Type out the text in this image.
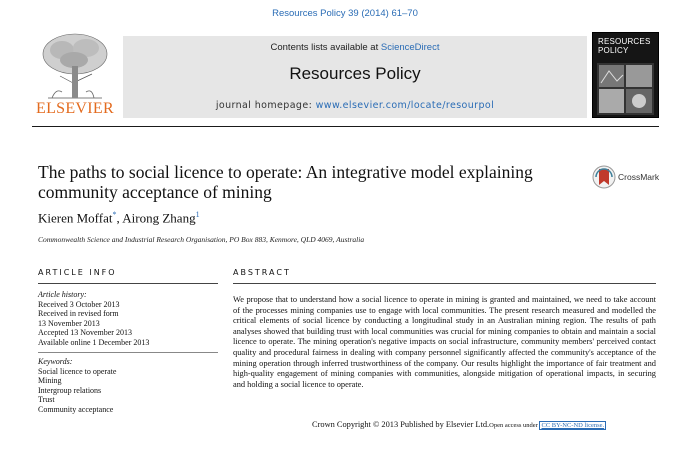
Resources Policy 39 (2014) 61–70
ELSEVIER
Contents lists available at ScienceDirect
Resources Policy
journal homepage: www.elsevier.com/locate/resourpol
RESOURCES
POLICY
The paths to social licence to operate: An integrative model explaining
community acceptance of mining
CrossMark
Kieren Moffat*, Airong Zhang$^1$
Commonwealth Science and Industrial Research Organisation, PO Box 883, Kenmore, QLD 4069, Australia
ARTICLE INFO	ABSTRACT
Article history:
Received 3 October 2013
Received in revised form
13 November 2013
Accepted 13 November 2013
Available online 1 December 2013
Keywords:
Social licence to operate
Mining
Intergroup relations
Trust
Community acceptance
We propose that to understand how a social licence to operate in mining is granted and maintained, we need to take account of the processes mining companies use to engage with local communities. The present research measured and modelled the critical elements of social licence by conducting a longitudinal study in an Australian mining region. The results of path analyses showed that building trust with local communities was crucial for mining companies to obtain and maintain a social licence to operate. The mining operation's negative impacts on social infrastructure, community members' perceived contact quality and procedural fairness in dealing with company personnel significantly affected the community's acceptance of the mining operation through inferred trustworthiness of the company. Our results highlight the importance of fair treatment and high-quality engagement of mining companies with communities, alongside mitigation of operational impacts, in securing and holding a social licence to operate.
Crown Copyright © 2013 Published by Elsevier Ltd.Open access under CC BY-NC-ND license.
